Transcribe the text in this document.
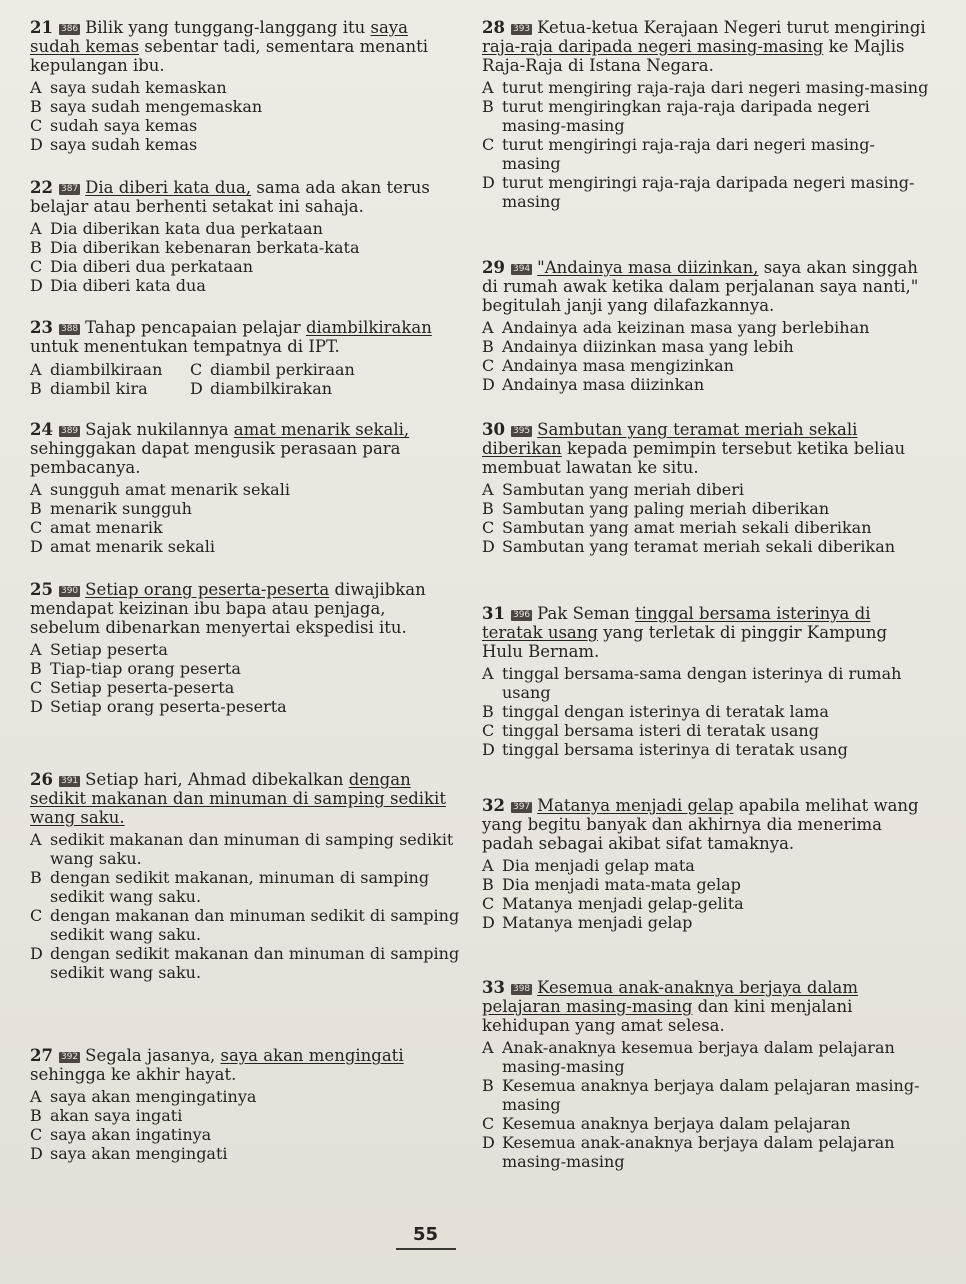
21 386 Bilik yang tunggang-langgang itu saya sudah kemas sebentar tadi, sementara menanti kepulangan ibu.

A saya sudah kemaskan
B saya sudah mengemaskan
C sudah saya kemas
D saya sudah kemas

22 387 Dia diberi kata dua, sama ada akan terus belajar atau berhenti setakat ini sahaja.

A Dia diberikan kata dua perkataan
B Dia diberikan kebenaran berkata-kata
C Dia diberi dua perkataan
D Dia diberi kata dua

23 388 Tahap pencapaian pelajar diambilkirakan untuk menentukan tempatnya di IPT.

A diambilkiraan	C diambil perkiraan
B diambil kira	D diambilkirakan

24 389 Sajak nukilannya amat menarik sekali, sehinggakan dapat mengusik perasaan para pembacanya.

A sungguh amat menarik sekali
B menarik sungguh
C amat menarik
D amat menarik sekali

25 390 Setiap orang peserta-peserta diwajibkan mendapat keizinan ibu bapa atau penjaga, sebelum dibenarkan menyertai ekspedisi itu.

A Setiap peserta
B Tiap-tiap orang peserta
C Setiap peserta-peserta
D Setiap orang peserta-peserta

26 391 Setiap hari, Ahmad dibekalkan dengan sedikit makanan dan minuman di samping sedikit wang saku.

A sedikit makanan dan minuman di samping sedikit wang saku.
B dengan sedikit makanan, minuman di samping sedikit wang saku.
C dengan makanan dan minuman sedikit di samping sedikit wang saku.
D dengan sedikit makanan dan minuman di samping sedikit wang saku.

27 392 Segala jasanya, saya akan mengingati sehingga ke akhir hayat.

A saya akan mengingatinya
B akan saya ingati
C saya akan ingatinya
D saya akan mengingati

28 393 Ketua-ketua Kerajaan Negeri turut mengiringi raja-raja daripada negeri masing-masing ke Majlis Raja-Raja di Istana Negara.

A turut mengiring raja-raja dari negeri masing-masing
B turut mengiringkan raja-raja daripada negeri masing-masing
C turut mengiringi raja-raja dari negeri masing-masing
D turut mengiringi raja-raja daripada negeri masing-masing

29 394 "Andainya masa diizinkan, saya akan singgah di rumah awak ketika dalam perjalanan saya nanti," begitulah janji yang dilafazkannya.

A Andainya ada keizinan masa yang berlebihan
B Andainya diizinkan masa yang lebih
C Andainya masa mengizinkan
D Andainya masa diizinkan

30 395 Sambutan yang teramat meriah sekali diberikan kepada pemimpin tersebut ketika beliau membuat lawatan ke situ.

A Sambutan yang meriah diberi
B Sambutan yang paling meriah diberikan
C Sambutan yang amat meriah sekali diberikan
D Sambutan yang teramat meriah sekali diberikan

31 396 Pak Seman tinggal bersama isterinya di teratak usang yang terletak di pinggir Kampung Hulu Bernam.

A tinggal bersama-sama dengan isterinya di rumah usang
B tinggal dengan isterinya di teratak lama
C tinggal bersama isteri di teratak usang
D tinggal bersama isterinya di teratak usang

32 397 Matanya menjadi gelap apabila melihat wang yang begitu banyak dan akhirnya dia menerima padah sebagai akibat sifat tamaknya.

A Dia menjadi gelap mata
B Dia menjadi mata-mata gelap
C Matanya menjadi gelap-gelita
D Matanya menjadi gelap

33 398 Kesemua anak-anaknya berjaya dalam pelajaran masing-masing dan kini menjalani kehidupan yang amat selesa.

A Anak-anaknya kesemua berjaya dalam pelajaran masing-masing
B Kesemua anaknya berjaya dalam pelajaran masing-masing
C Kesemua anaknya berjaya dalam pelajaran
D Kesemua anak-anaknya berjaya dalam pelajaran masing-masing
55
